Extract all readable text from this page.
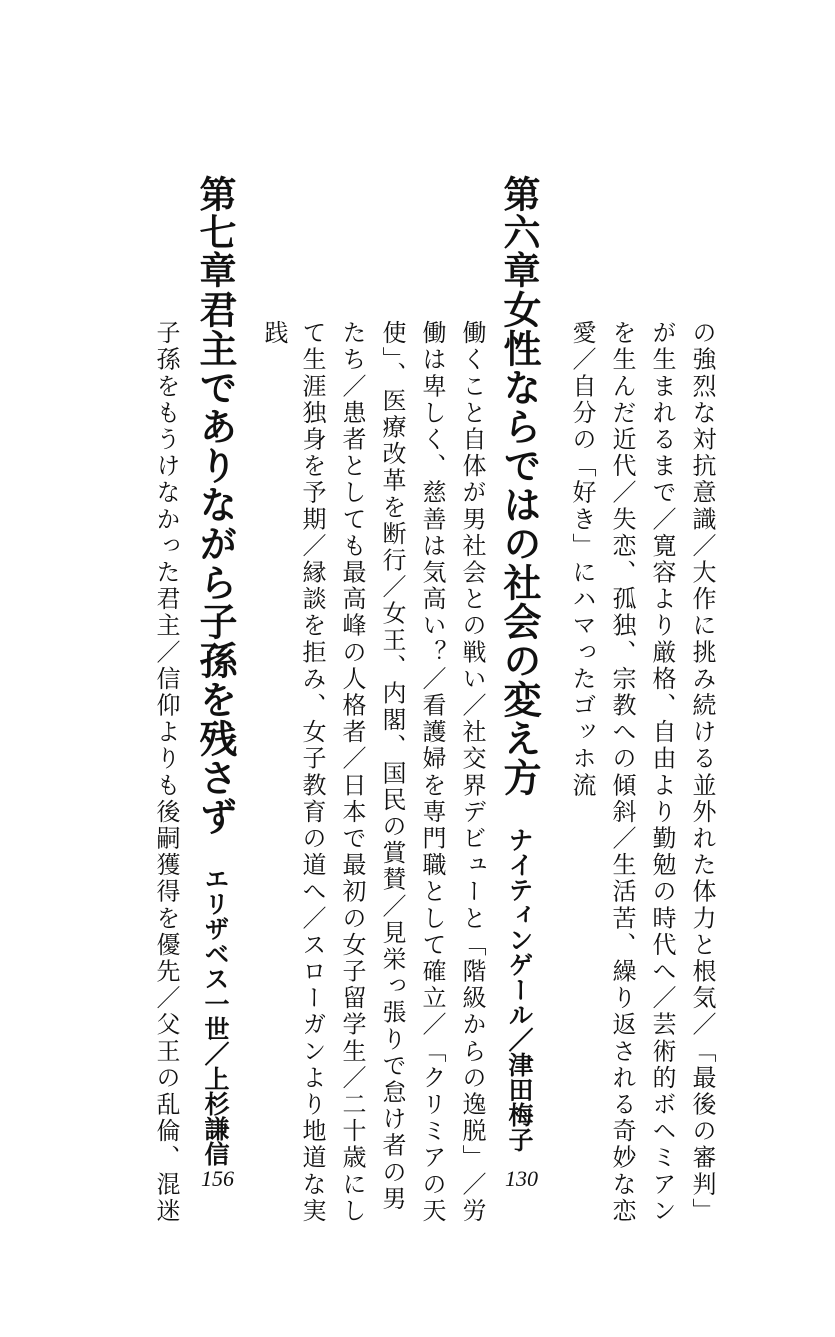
の強烈な対抗意識／大作に挑み続ける並外れた体力と根気／「最後の審判」
が生まれるまで／寛容より厳格、自由より勤勉の時代へ／芸術的ボヘミアン
を生んだ近代／失恋、孤独、宗教への傾斜／生活苦、繰り返される奇妙な恋
愛／自分の「好き」にハマったゴッホ流
第六章
女性ならではの社会の変え方ナイティンゲール／津田梅子
働くこと自体が男社会との戦い／社交界デビューと「階級からの逸脱」／労
働は卑しく、慈善は気高い？／看護婦を専門職として確立／「クリミアの天
使」、医療改革を断行／女王、内閣、国民の賞賛／見栄っ張りで怠け者の男
たち／患者としても最高峰の人格者／日本で最初の女子留学生／二十歳にし
て生涯独身を予期／縁談を拒み、女子教育の道へ／スローガンより地道な実
践
130
第七章
君主でありながら子孫を残さずエリザベス一世／上杉謙信
子孫をもうけなかった君主／信仰よりも後嗣獲得を優先／父王の乱倫、混迷 156
